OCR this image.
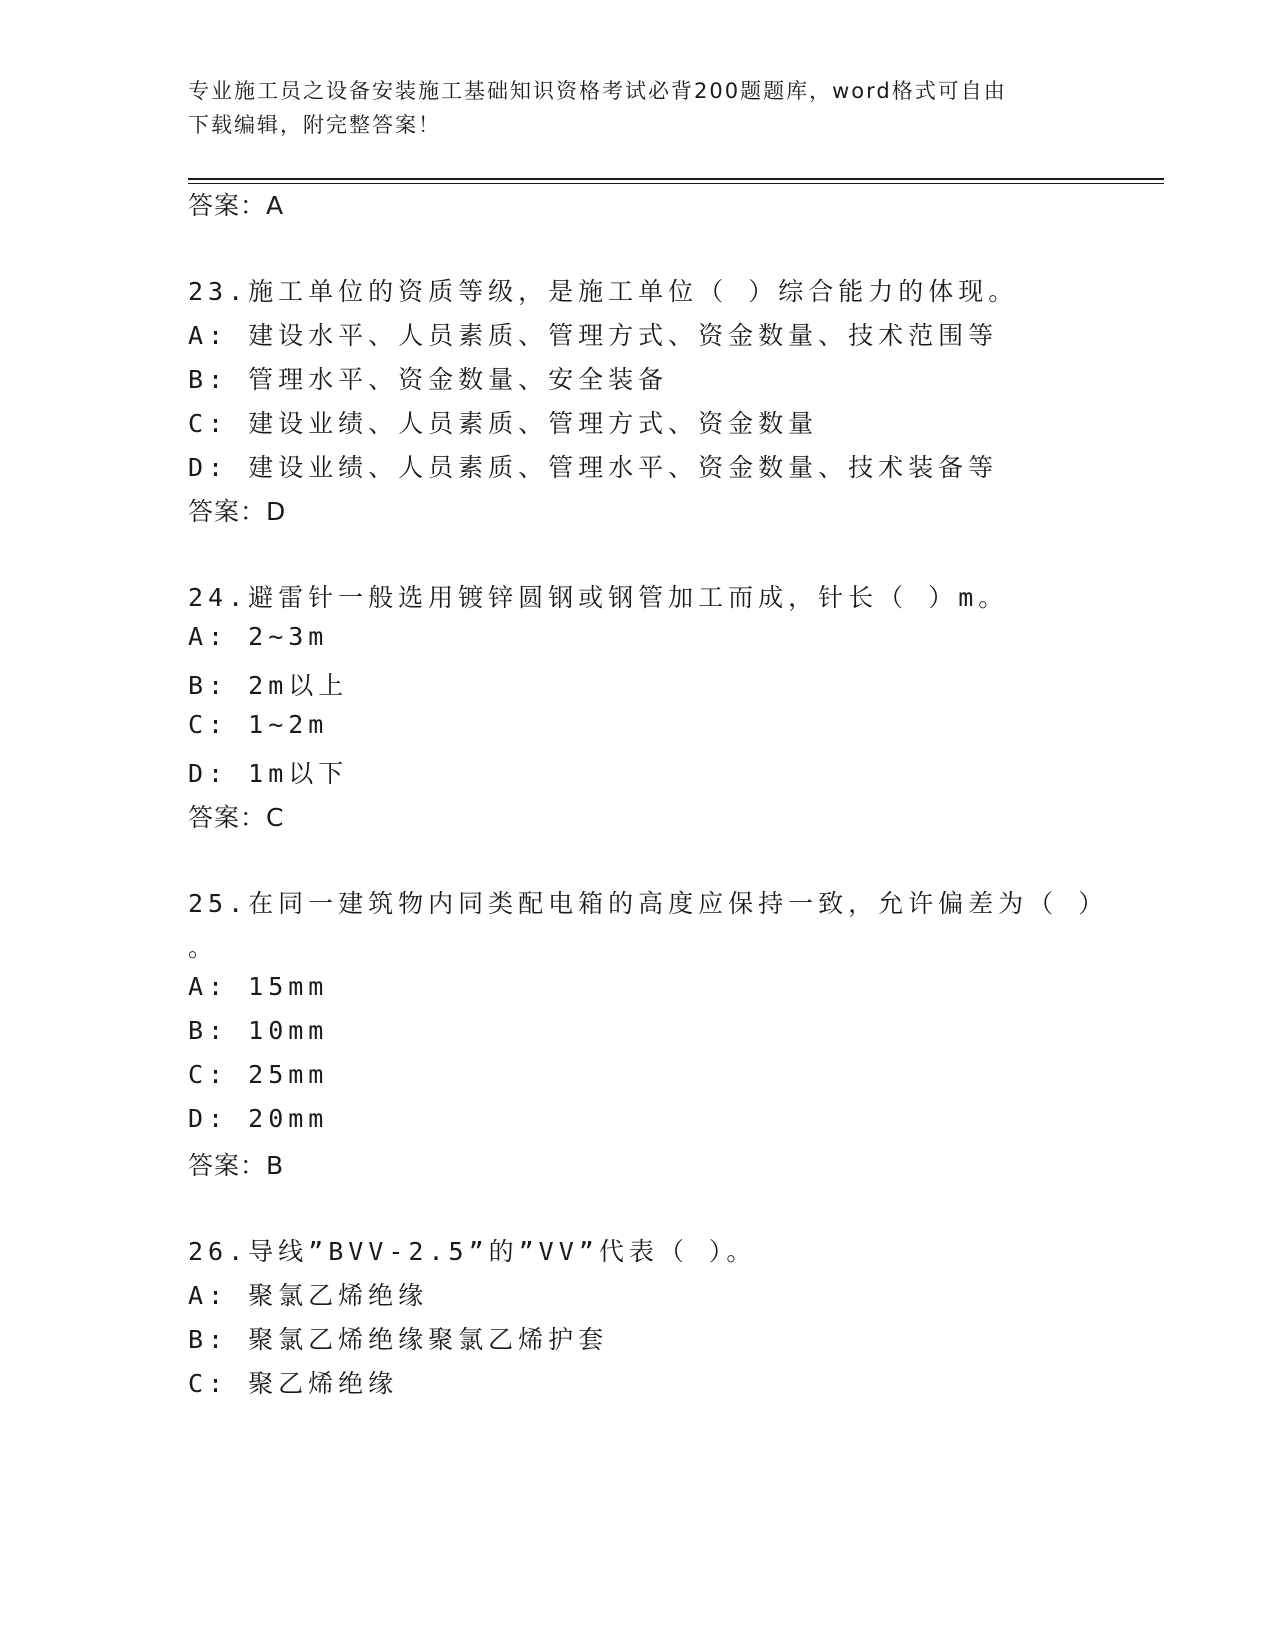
专业施工员之设备安装施工基础知识资格考试必背200题题库，word格式可自由
下载编辑，附完整答案！
答案：A
23.施工单位的资质等级，是施工单位（ ）综合能力的体现。
A: 建设水平、人员素质、管理方式、资金数量、技术范围等
B: 管理水平、资金数量、安全装备
C: 建设业绩、人员素质、管理方式、资金数量
D: 建设业绩、人员素质、管理水平、资金数量、技术装备等
答案：D
24.避雷针一般选用镀锌圆钢或钢管加工而成，针长（ ）m。
A: 2~3m
B: 2m以上
C: 1~2m
D: 1m以下
答案：C
25.在同一建筑物内同类配电箱的高度应保持一致，允许偏差为（ ）
。
A: 15mm
B: 10mm
C: 25mm
D: 20mm
答案：B
26.导线”BVV-2.5”的”VV”代表（ ）。
A: 聚氯乙烯绝缘
B: 聚氯乙烯绝缘聚氯乙烯护套
C: 聚乙烯绝缘
